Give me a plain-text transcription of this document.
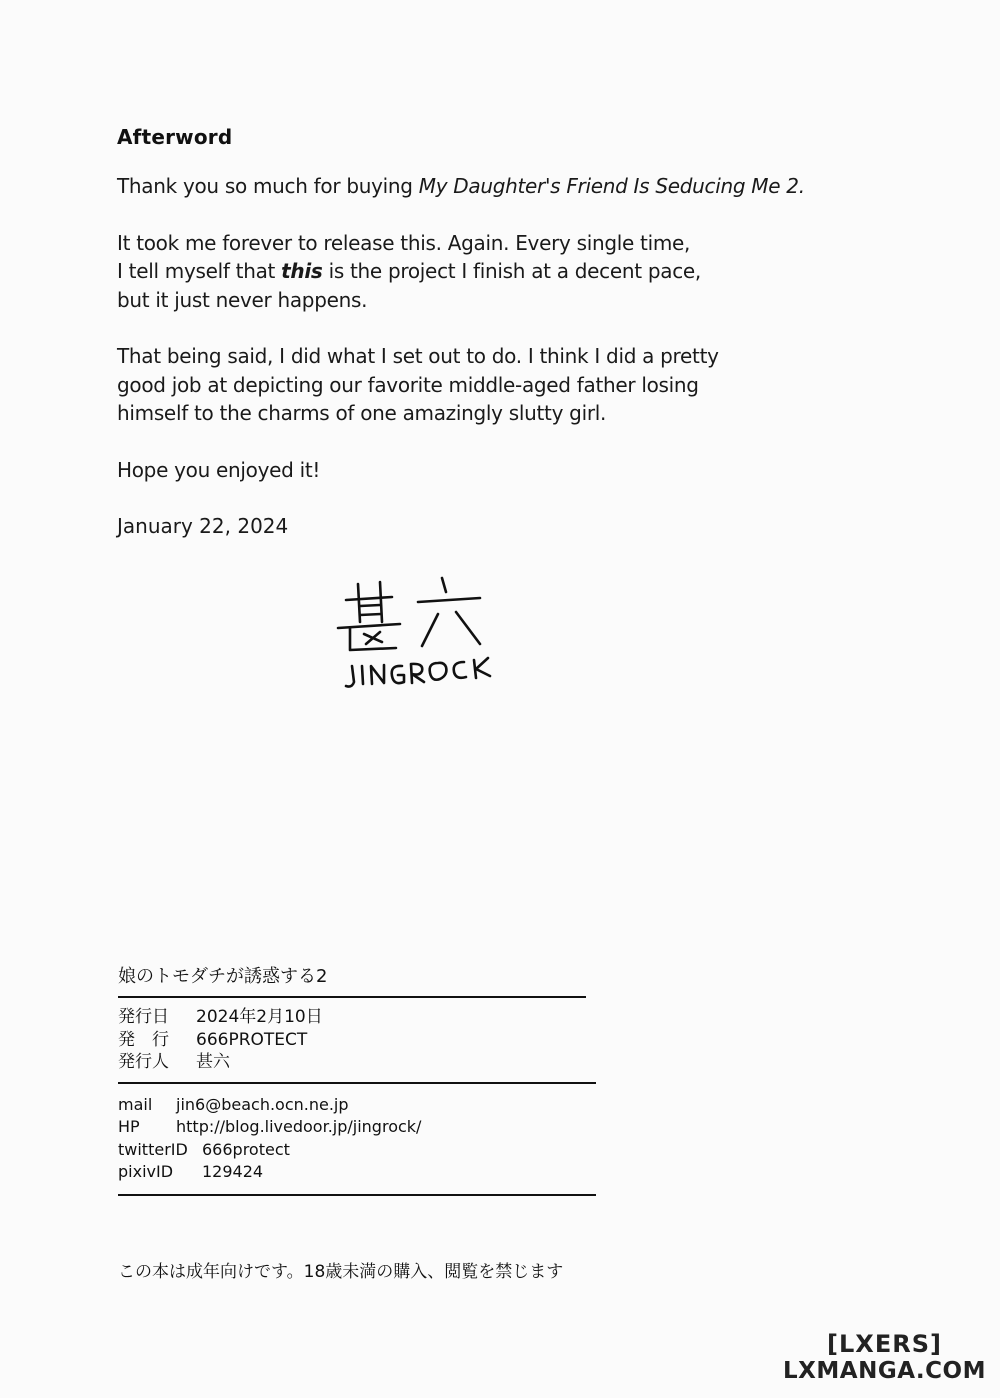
Afterword
Thank you so much for buying My Daughter's Friend Is Seducing Me 2.
It took me forever to release this. Again. Every single time,
I tell myself that this is the project I finish at a decent pace,
but it just never happens.
That being said, I did what I set out to do. I think I did a pretty
good job at depicting our favorite middle-aged father losing
himself to the charms of one amazingly slutty girl.
Hope you enjoyed it!
January 22, 2024
娘のトモダチが誘惑する2
発行日 2024年2月10日
発　行 666PROTECT
発行人 甚六
mail jin6@beach.ocn.ne.jp
HP http://blog.livedoor.jp/jingrock/
twitterID 666protect
pixivID 129424
この本は成年向けです。18歳未満の購入、閲覧を禁じます
[LXERS]
LXMANGA.COM
